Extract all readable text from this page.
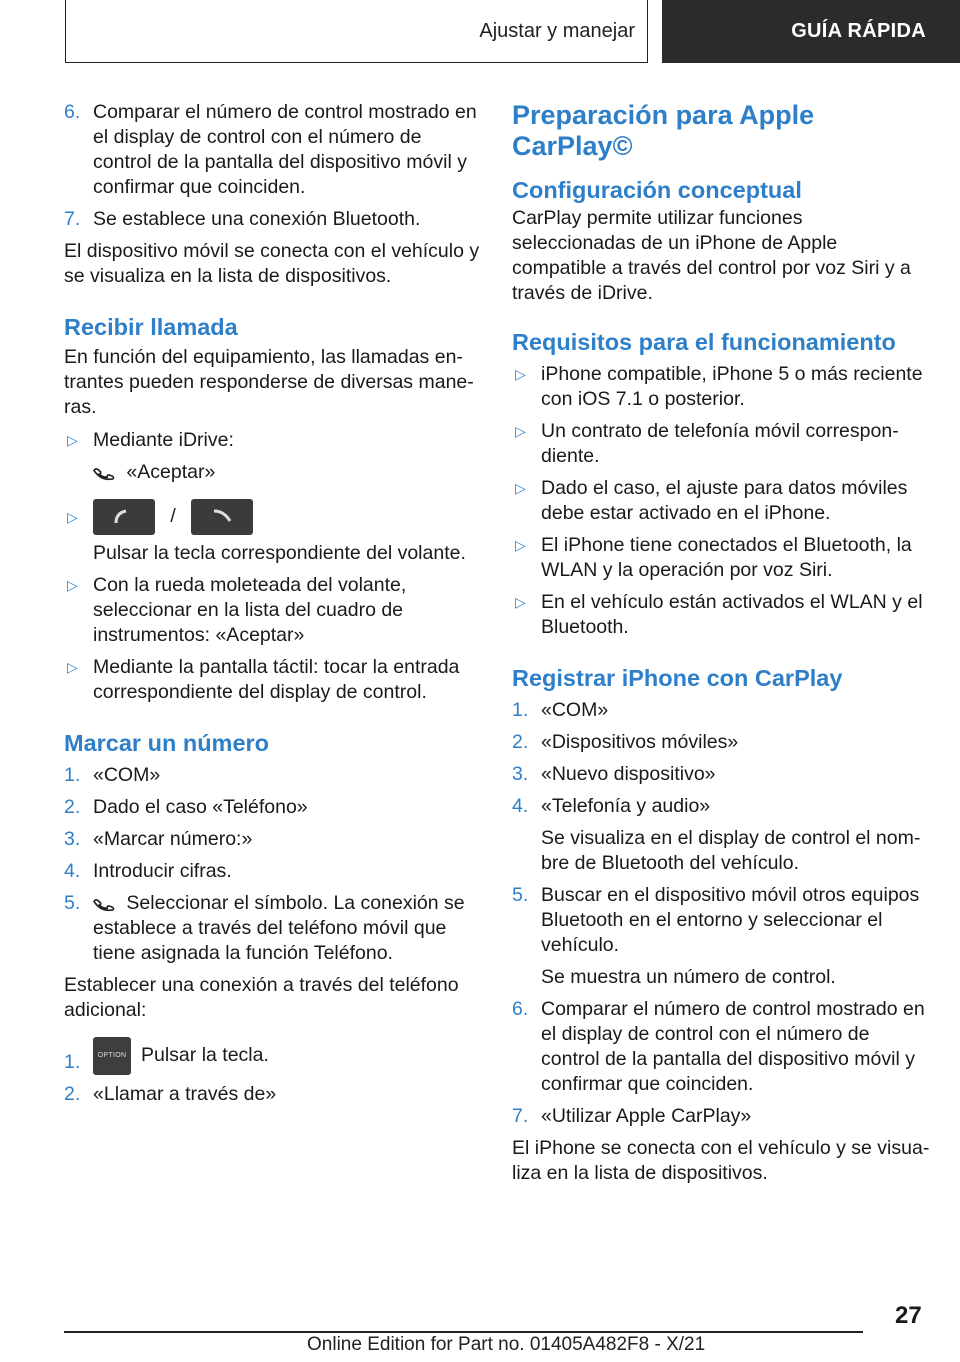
Ajustar y manejar	GUÍA RÁPIDA
6. Comparar el número de control mostrado en el display de control con el número de control de la pantalla del dispositivo móvil y confirmar que coinciden.
7. Se establece una conexión Bluetooth.

El dispositivo móvil se conecta con el vehículo y se visualiza en la lista de dispositivos.

Recibir llamada

En función del equipamiento, las llamadas entrantes pueden responderse de diversas maneras.

▷ Mediante iDrive:
«Aceptar»
▷	/
Pulsar la tecla correspondiente del volante.
▷ Con la rueda moleteada del volante, seleccionar en la lista del cuadro de instrumentos: «Aceptar»
▷ Mediante la pantalla táctil: tocar la entrada correspondiente del display de control.
Marcar un número
1. «COM»
2. Dado el caso «Teléfono»
3. «Marcar número:»
4. Introducir cifras.
5.	Seleccionar el símbolo. La conexión se establece a través del teléfono móvil que tiene asignada la función Teléfono.

Establecer una conexión a través del teléfono adicional:

1.	OPTION Pulsar la tecla.
2. «Llamar a través de»
Preparación para Apple CarPlay©
Configuración conceptual

CarPlay permite utilizar funciones seleccionadas de un iPhone de Apple compatible a través del control por voz Siri y a través de iDrive.

Requisitos para el funcionamiento
▷ iPhone compatible, iPhone 5 o más reciente con iOS 7.1 o posterior.
▷ Un contrato de telefonía móvil correspondiente.
▷ Dado el caso, el ajuste para datos móviles debe estar activado en el iPhone.
▷ El iPhone tiene conectados el Bluetooth, la WLAN y la operación por voz Siri.
▷ En el vehículo están activados el WLAN y el Bluetooth.
Registrar iPhone con CarPlay
1. «COM»
2. «Dispositivos móviles»
3. «Nuevo dispositivo»
4. «Telefonía y audio»
Se visualiza en el display de control el nombre de Bluetooth del vehículo.
5. Buscar en el dispositivo móvil otros equipos Bluetooth en el entorno y seleccionar el vehículo.
Se muestra un número de control.
6. Comparar el número de control mostrado en el display de control con el número de control de la pantalla del dispositivo móvil y confirmar que coinciden.
7. «Utilizar Apple CarPlay»

El iPhone se conecta con el vehículo y se visualiza en la lista de dispositivos.

27
Online Edition for Part no. 01405A482F8 - X/21
